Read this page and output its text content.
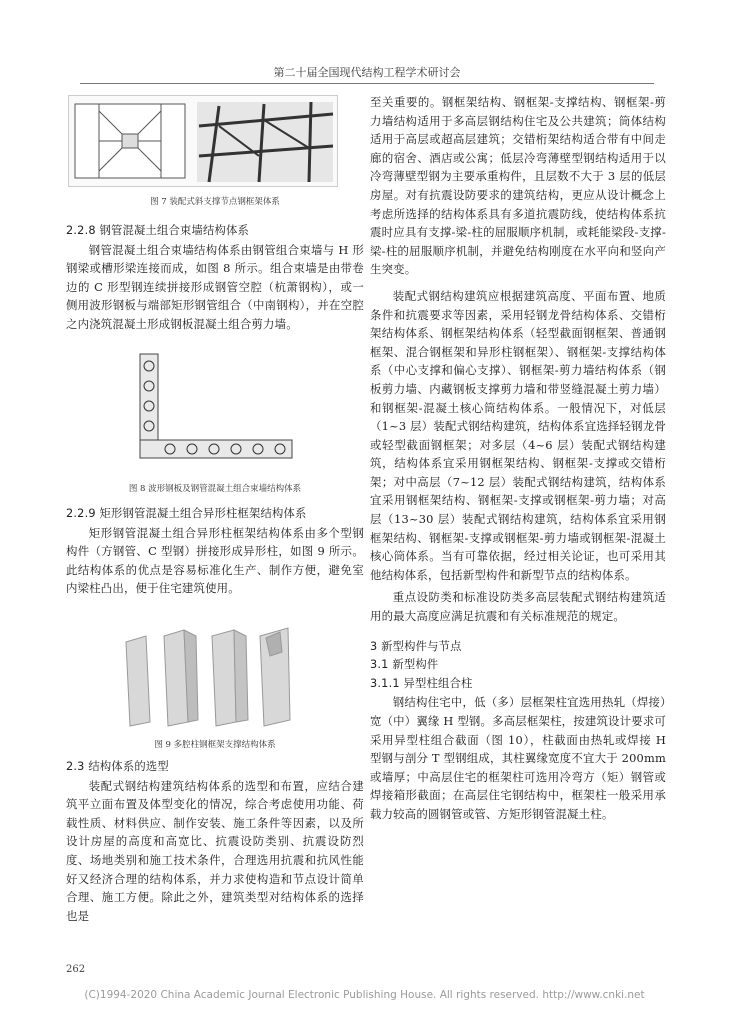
第二十届全国现代结构工程学术研讨会

图 7 装配式斜支撑节点钢框架体系

2.2.8 钢管混凝土组合束墙结构体系

钢管混凝土组合束墙结构体系由钢管组合束墙与 H 形钢梁或槽形梁连接而成，如图 8 所示。组合束墙是由带卷边的 C 形型钢连续拼接形成钢管空腔（杭萧钢构），或一侧用波形钢板与端部矩形钢管组合（中南钢构），并在空腔之内浇筑混凝土形成钢板混凝土组合剪力墙。

图 8 波形钢板及钢管混凝土组合束墙结构体系

2.2.9 矩形钢管混凝土组合异形柱框架结构体系

矩形钢管混凝土组合异形柱框架结构体系由多个型钢构件（方钢管、C 型钢）拼接形成异形柱，如图 9 所示。此结构体系的优点是容易标准化生产、制作方便，避免室内梁柱凸出，便于住宅建筑使用。

图 9 多腔柱钢框架支撑结构体系

2.3 结构体系的选型

装配式钢结构建筑结构体系的选型和布置，应结合建筑平立面布置及体型变化的情况，综合考虑使用功能、荷载性质、材料供应、制作安装、施工条件等因素，以及所设计房屋的高度和高宽比、抗震设防类别、抗震设防烈度、场地类别和施工技术条件，合理选用抗震和抗风性能好又经济合理的结构体系，并力求使构造和节点设计简单合理、施工方便。除此之外，建筑类型对结构体系的选择也是

至关重要的。钢框架结构、钢框架-支撑结构、钢框架-剪力墙结构适用于多高层钢结构住宅及公共建筑；筒体结构适用于高层或超高层建筑；交错桁架结构适合带有中间走廊的宿舍、酒店或公寓；低层冷弯薄壁型钢结构适用于以冷弯薄壁型钢为主要承重构件，且层数不大于 3 层的低层房屋。对有抗震设防要求的建筑结构，更应从设计概念上考虑所选择的结构体系具有多道抗震防线，使结构体系抗震时应具有支撑-梁-柱的屈服顺序机制，或耗能梁段-支撑-梁-柱的屈服顺序机制，并避免结构刚度在水平向和竖向产生突变。

装配式钢结构建筑应根据建筑高度、平面布置、地质条件和抗震要求等因素，采用轻钢龙骨结构体系、交错桁架结构体系、钢框架结构体系（轻型截面钢框架、普通钢框架、混合钢框架和异形柱钢框架）、钢框架-支撑结构体系（中心支撑和偏心支撑）、钢框架-剪力墙结构体系（钢板剪力墙、内藏钢板支撑剪力墙和带竖缝混凝土剪力墙）和钢框架-混凝土核心筒结构体系。一般情况下，对低层（1~3 层）装配式钢结构建筑，结构体系宜选择轻钢龙骨或轻型截面钢框架；对多层（4~6 层）装配式钢结构建筑，结构体系宜采用钢框架结构、钢框架-支撑或交错桁架；对中高层（7~12 层）装配式钢结构建筑，结构体系宜采用钢框架结构、钢框架-支撑或钢框架-剪力墙；对高层（13~30 层）装配式钢结构建筑，结构体系宜采用钢框架结构、钢框架-支撑或钢框架-剪力墙或钢框架-混凝土核心筒体系。当有可靠依据，经过相关论证，也可采用其他结构体系，包括新型构件和新型节点的结构体系。

重点设防类和标准设防类多高层装配式钢结构建筑适用的最大高度应满足抗震和有关标准规范的规定。

3 新型构件与节点

3.1 新型构件

3.1.1 异型柱组合柱

钢结构住宅中，低（多）层框架柱宜选用热轧（焊接）宽（中）翼缘 H 型钢。多高层框架柱，按建筑设计要求可采用异型柱组合截面（图 10），柱截面由热轧或焊接 H 型钢与剖分 T 型钢组成，其柱翼缘宽度不宜大于 200mm 或墙厚；中高层住宅的框架柱可选用冷弯方（矩）钢管或焊接箱形截面；在高层住宅钢结构中，框架柱一般采用承载力较高的圆钢管或管、方矩形钢管混凝土柱。

262
(C)1994-2020 China Academic Journal Electronic Publishing House. All rights reserved. http://www.cnki.net
